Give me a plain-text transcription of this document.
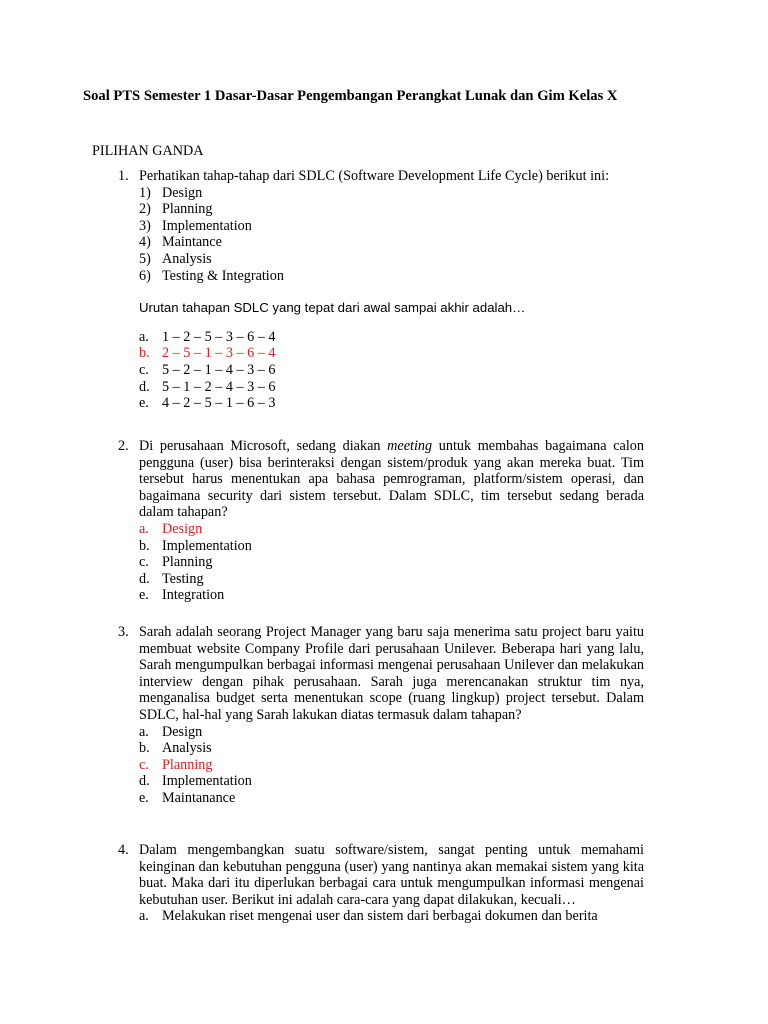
Soal PTS Semester 1 Dasar-Dasar Pengembangan Perangkat Lunak dan Gim Kelas X
PILIHAN GANDA
1. Perhatikan tahap-tahap dari SDLC (Software Development Life Cycle) berikut ini:
1) Design
2) Planning
3) Implementation
4) Maintance
5) Analysis
6) Testing & Integration
Urutan tahapan SDLC yang tepat dari awal sampai akhir adalah…
a. 1 – 2 – 5 – 3 – 6 – 4
b. 2 – 5 – 1 – 3 – 6 – 4
c. 5 – 2 – 1 – 4 – 3 – 6
d. 5 – 1 – 2 – 4 – 3 – 6
e. 4 – 2 – 5 – 1 – 6 – 3
2. Di perusahaan Microsoft, sedang diakan meeting untuk membahas bagaimana calon pengguna (user) bisa berinteraksi dengan sistem/produk yang akan mereka buat. Tim tersebut harus menentukan apa bahasa pemrograman, platform/sistem operasi, dan bagaimana security dari sistem tersebut. Dalam SDLC, tim tersebut sedang berada dalam tahapan?

a. Design
b. Implementation
c. Planning
d. Testing
e. Integration
3. Sarah adalah seorang Project Manager yang baru saja menerima satu project baru yaitu membuat website Company Profile dari perusahaan Unilever. Beberapa hari yang lalu, Sarah mengumpulkan berbagai informasi mengenai perusahaan Unilever dan melakukan interview dengan pihak perusahaan. Sarah juga merencanakan struktur tim nya, menganalisa budget serta menentukan scope (ruang lingkup) project tersebut. Dalam SDLC, hal-hal yang Sarah lakukan diatas termasuk dalam tahapan?

a. Design
b. Analysis
c. Planning
d. Implementation
e. Maintanance
4. Dalam mengembangkan suatu software/sistem, sangat penting untuk memahami keinginan dan kebutuhan pengguna (user) yang nantinya akan memakai sistem yang kita buat. Maka dari itu diperlukan berbagai cara untuk mengumpulkan informasi mengenai kebutuhan user. Berikut ini adalah cara-cara yang dapat dilakukan, kecuali…

a. Melakukan riset mengenai user dan sistem dari berbagai dokumen dan berita
